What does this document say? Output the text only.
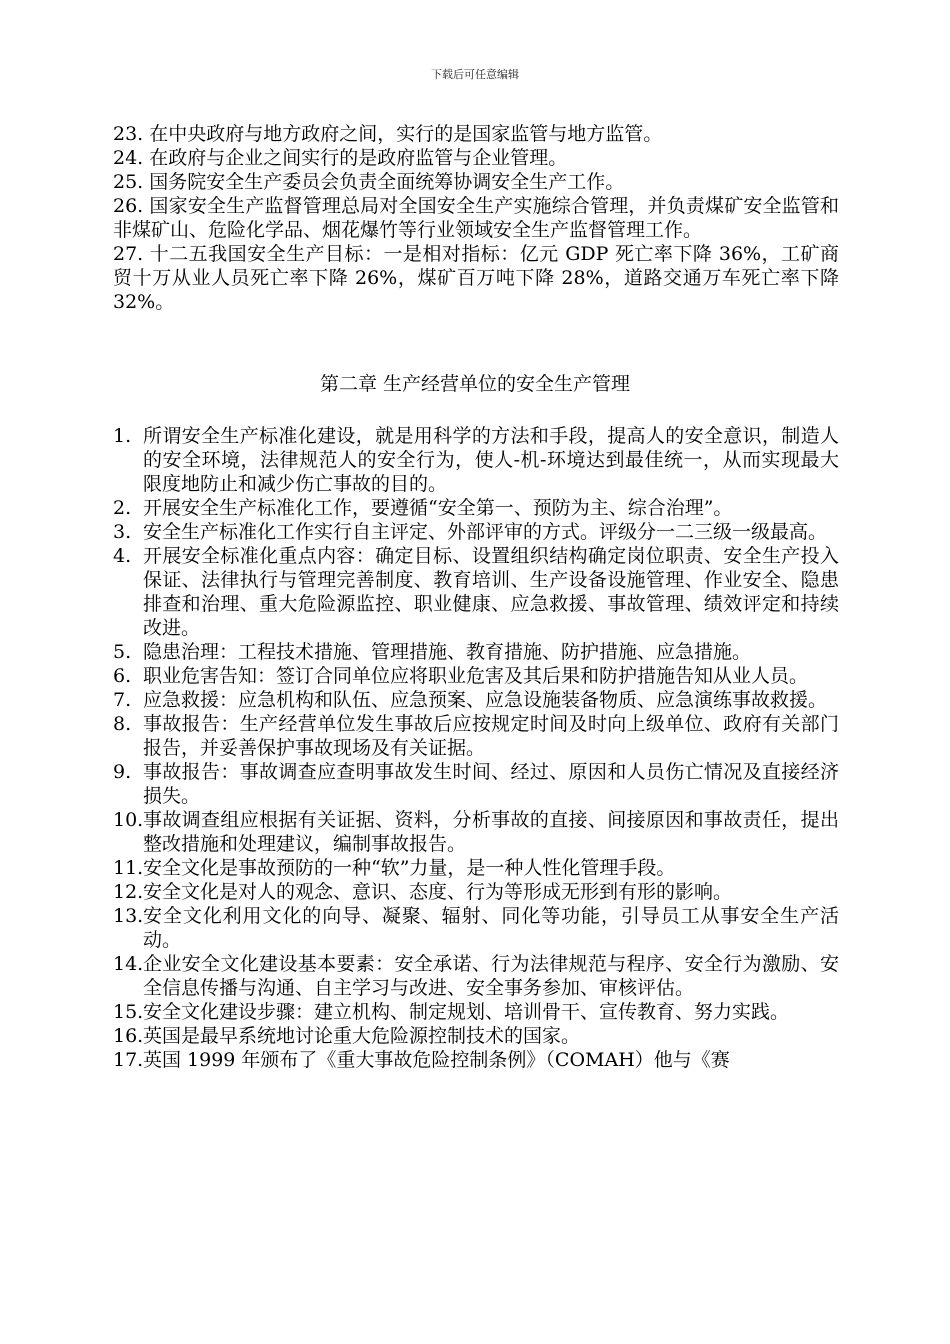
下载后可任意编辑

23. 在中央政府与地方政府之间，实行的是国家监管与地方监管。

24. 在政府与企业之间实行的是政府监管与企业管理。

25. 国务院安全生产委员会负责全面统筹协调安全生产工作。

26. 国家安全生产监督管理总局对全国安全生产实施综合管理，并负责煤矿安全监管和非煤矿山、危险化学品、烟花爆竹等行业领域安全生产监督管理工作。

27. 十二五我国安全生产目标：一是相对指标：亿元 GDP 死亡率下降 36%，工矿商贸十万从业人员死亡率下降 26%，煤矿百万吨下降 28%，道路交通万车死亡率下降 32%。

第二章 生产经营单位的安全生产管理
1. 所谓安全生产标准化建设，就是用科学的方法和手段，提高人的安全意识，制造人的安全环境，法律规范人的安全行为，使人-机-环境达到最佳统一，从而实现最大限度地防止和减少伤亡事故的目的。
2. 开展安全生产标准化工作，要遵循“安全第一、预防为主、综合治理”。
3. 安全生产标准化工作实行自主评定、外部评审的方式。评级分一二三级一级最高。
4. 开展安全标准化重点内容：确定目标、设置组织结构确定岗位职责、安全生产投入保证、法律执行与管理完善制度、教育培训、生产设备设施管理、作业安全、隐患排查和治理、重大危险源监控、职业健康、应急救援、事故管理、绩效评定和持续改进。
5. 隐患治理：工程技术措施、管理措施、教育措施、防护措施、应急措施。
6. 职业危害告知：签订合同单位应将职业危害及其后果和防护措施告知从业人员。
7. 应急救援：应急机构和队伍、应急预案、应急设施装备物质、应急演练事故救援。
8. 事故报告：生产经营单位发生事故后应按规定时间及时向上级单位、政府有关部门报告，并妥善保护事故现场及有关证据。
9. 事故报告：事故调查应查明事故发生时间、经过、原因和人员伤亡情况及直接经济损失。
10. 事故调查组应根据有关证据、资料，分析事故的直接、间接原因和事故责任，提出整改措施和处理建议，编制事故报告。
11. 安全文化是事故预防的一种“软”力量，是一种人性化管理手段。
12. 安全文化是对人的观念、意识、态度、行为等形成无形到有形的影响。
13. 安全文化利用文化的向导、凝聚、辐射、同化等功能，引导员工从事安全生产活动。
14. 企业安全文化建设基本要素：安全承诺、行为法律规范与程序、安全行为激励、安全信息传播与沟通、自主学习与改进、安全事务参加、审核评估。
15. 安全文化建设步骤：建立机构、制定规划、培训骨干、宣传教育、努力实践。
16. 英国是最早系统地讨论重大危险源控制技术的国家。
17. 英国 1999 年颁布了《重大事故危险控制条例》（COMAH）他与《赛
